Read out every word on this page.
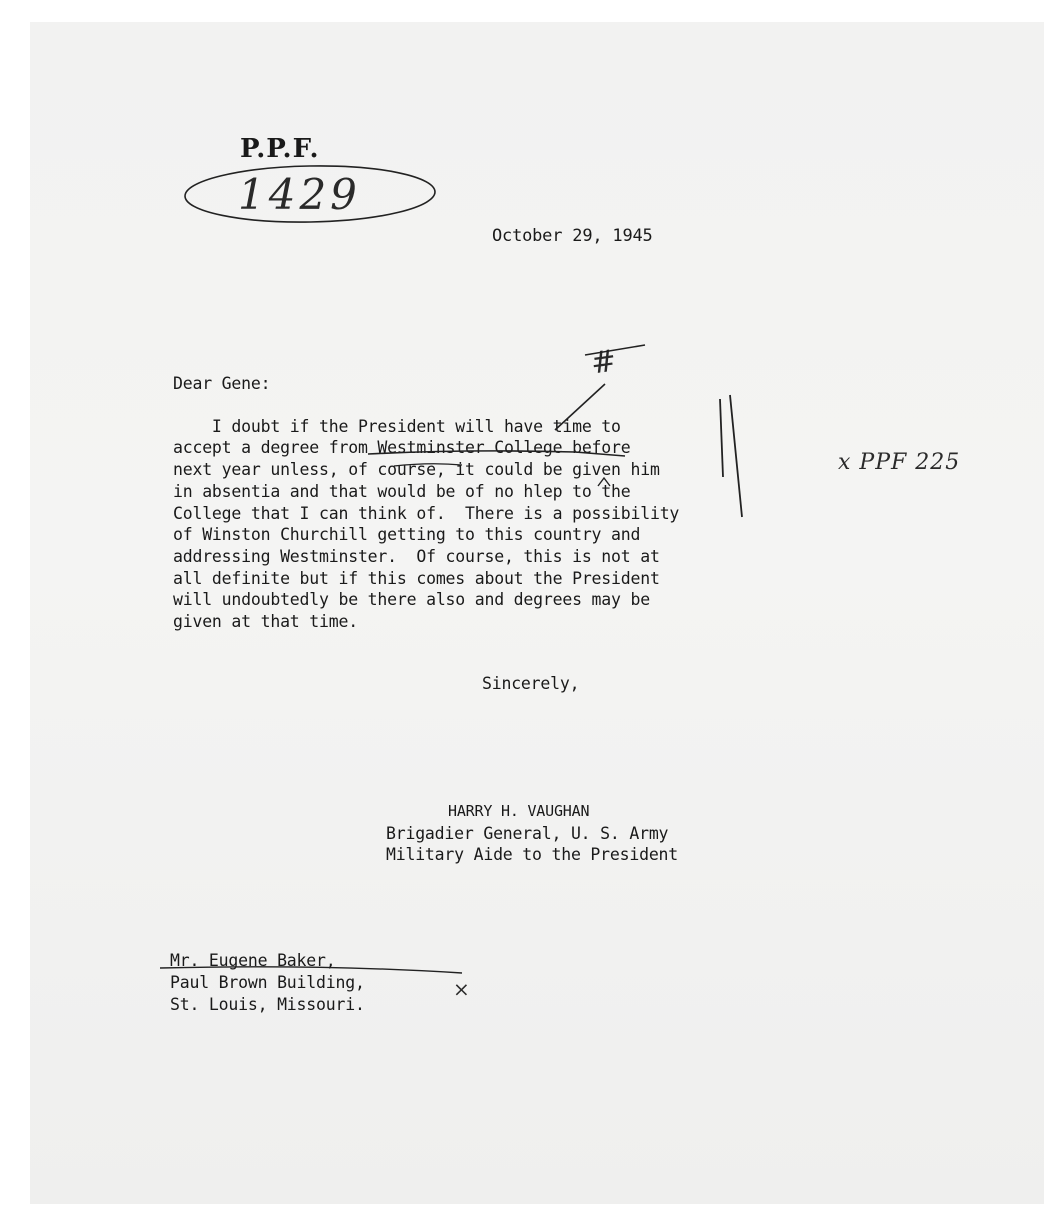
P.P.F.
1429
October 29, 1945
Dear Gene:
I doubt if the President will have time to
accept a degree from Westminster College before
next year unless, of course, it could be given him
in absentia and that would be of no hlep to the
College that I can think of.  There is a possibility
of Winston Churchill getting to this country and
addressing Westminster.  Of course, this is not at
all definite but if this comes about the President
will undoubtedly be there also and degrees may be
given at that time.
Sincerely,
HARRY H. VAUGHAN
Brigadier General, U. S. Army
Military Aide to the President
Mr. Eugene Baker,
Paul Brown Building,
St. Louis, Missouri.
x PPF 225
#
×
